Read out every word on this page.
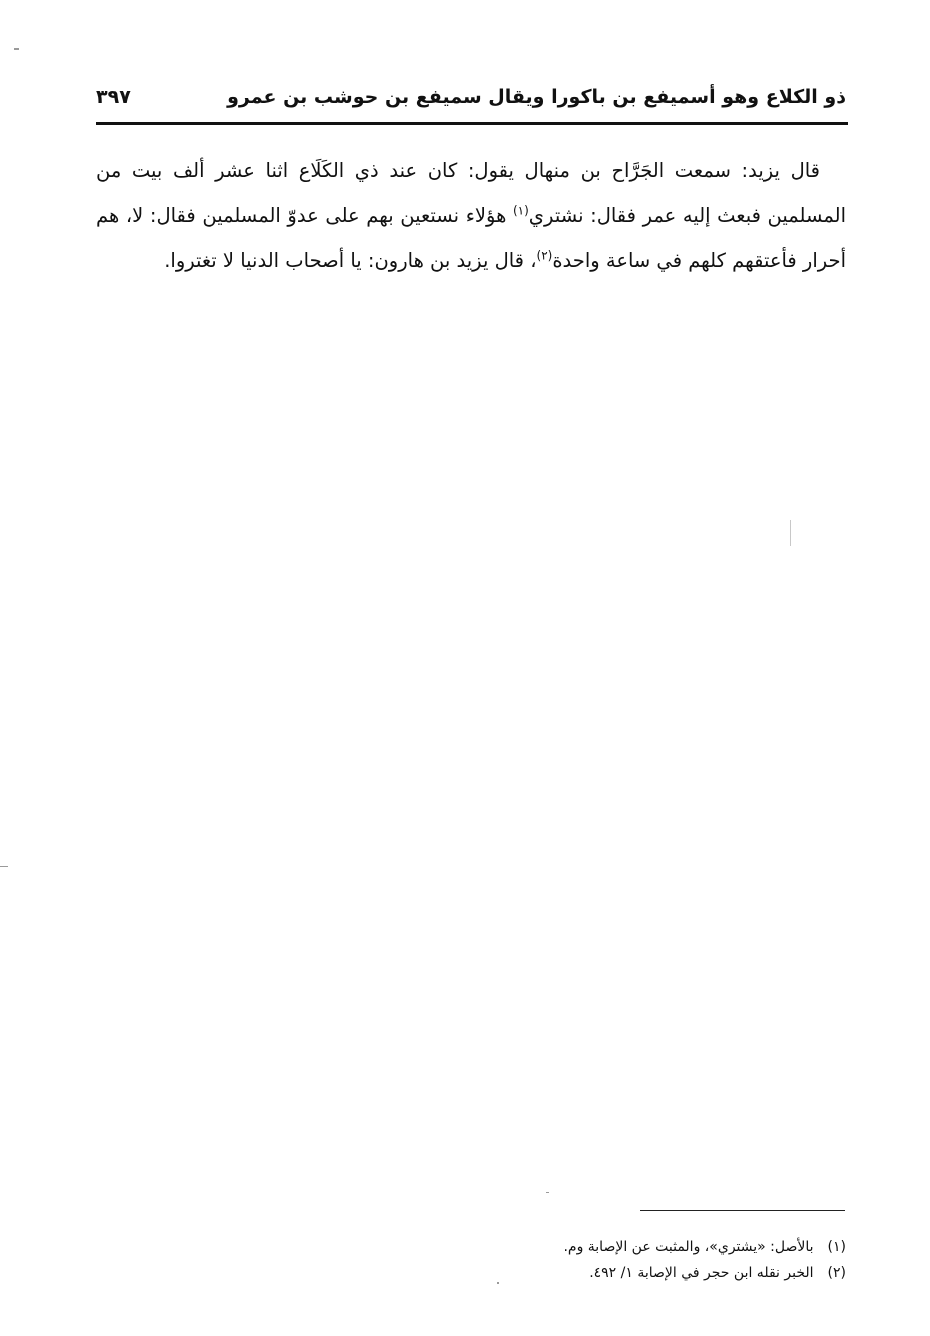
ذو الكلاع وهو أسميفع بن باكورا ويقال سميفع بن حوشب بن عمرو
٣٩٧

قال يزيد: سمعت الجَرَّاح بن منهال يقول: كان عند ذي الكَلَاع اثنا عشر ألف بيت من المسلمين فبعث إليه عمر فقال: نشتري$^{(١)}$ هؤلاء نستعين بهم على عدوّ المسلمين فقال: لا، هم أحرار فأعتقهم كلهم في ساعة واحدة$^{(٢)}$، قال يزيد بن هارون: يا أصحاب الدنيا لا تغتروا.

(١)بالأصل: «يشتري»، والمثبت عن الإصابة وم.
(٢)الخبر نقله ابن حجر في الإصابة ١/ ٤٩٢.
